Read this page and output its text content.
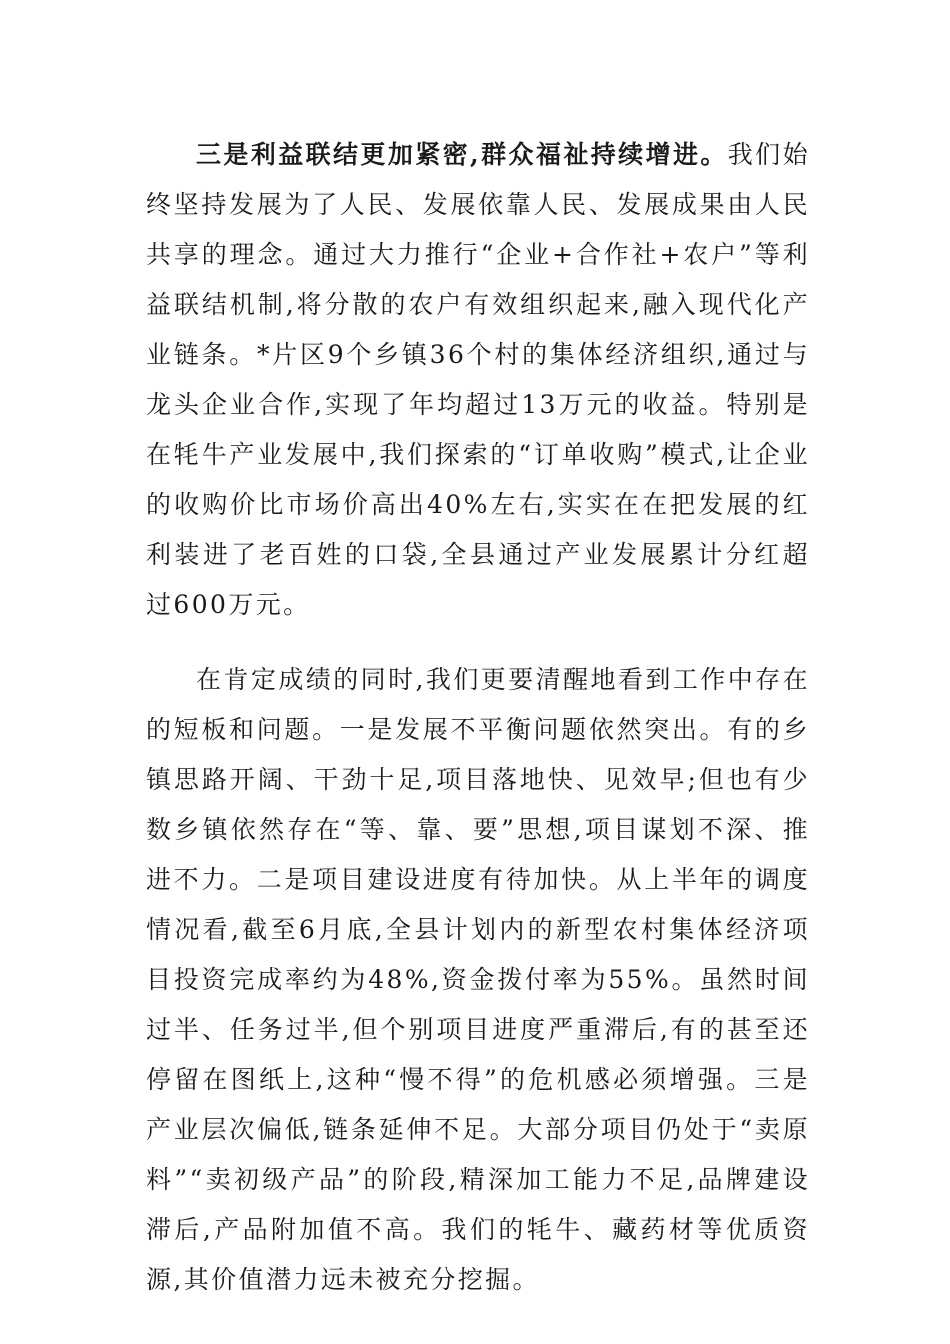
三是利益联结更加紧密,群众福祉持续增进。我们始终坚持发展为了人民、发展依靠人民、发展成果由人民共享的理念。通过大力推行“企业+合作社+农户”等利益联结机制,将分散的农户有效组织起来,融入现代化产业链条。*片区9个乡镇36个村的集体经济组织,通过与龙头企业合作,实现了年均超过13万元的收益。特别是在牦牛产业发展中,我们探索的“订单收购”模式,让企业的收购价比市场价高出40%左右,实实在在把发展的红利装进了老百姓的口袋,全县通过产业发展累计分红超过600万元。

在肯定成绩的同时,我们更要清醒地看到工作中存在的短板和问题。一是发展不平衡问题依然突出。有的乡镇思路开阔、干劲十足,项目落地快、见效早;但也有少数乡镇依然存在“等、靠、要”思想,项目谋划不深、推进不力。二是项目建设进度有待加快。从上半年的调度情况看,截至6月底,全县计划内的新型农村集体经济项目投资完成率约为48%,资金拨付率为55%。虽然时间过半、任务过半,但个别项目进度严重滞后,有的甚至还停留在图纸上,这种“慢不得”的危机感必须增强。三是产业层次偏低,链条延伸不足。大部分项目仍处于“卖原料”“卖初级产品”的阶段,精深加工能力不足,品牌建设滞后,产品附加值不高。我们的牦牛、藏药材等优质资源,其价值潜力远未被充分挖掘。
